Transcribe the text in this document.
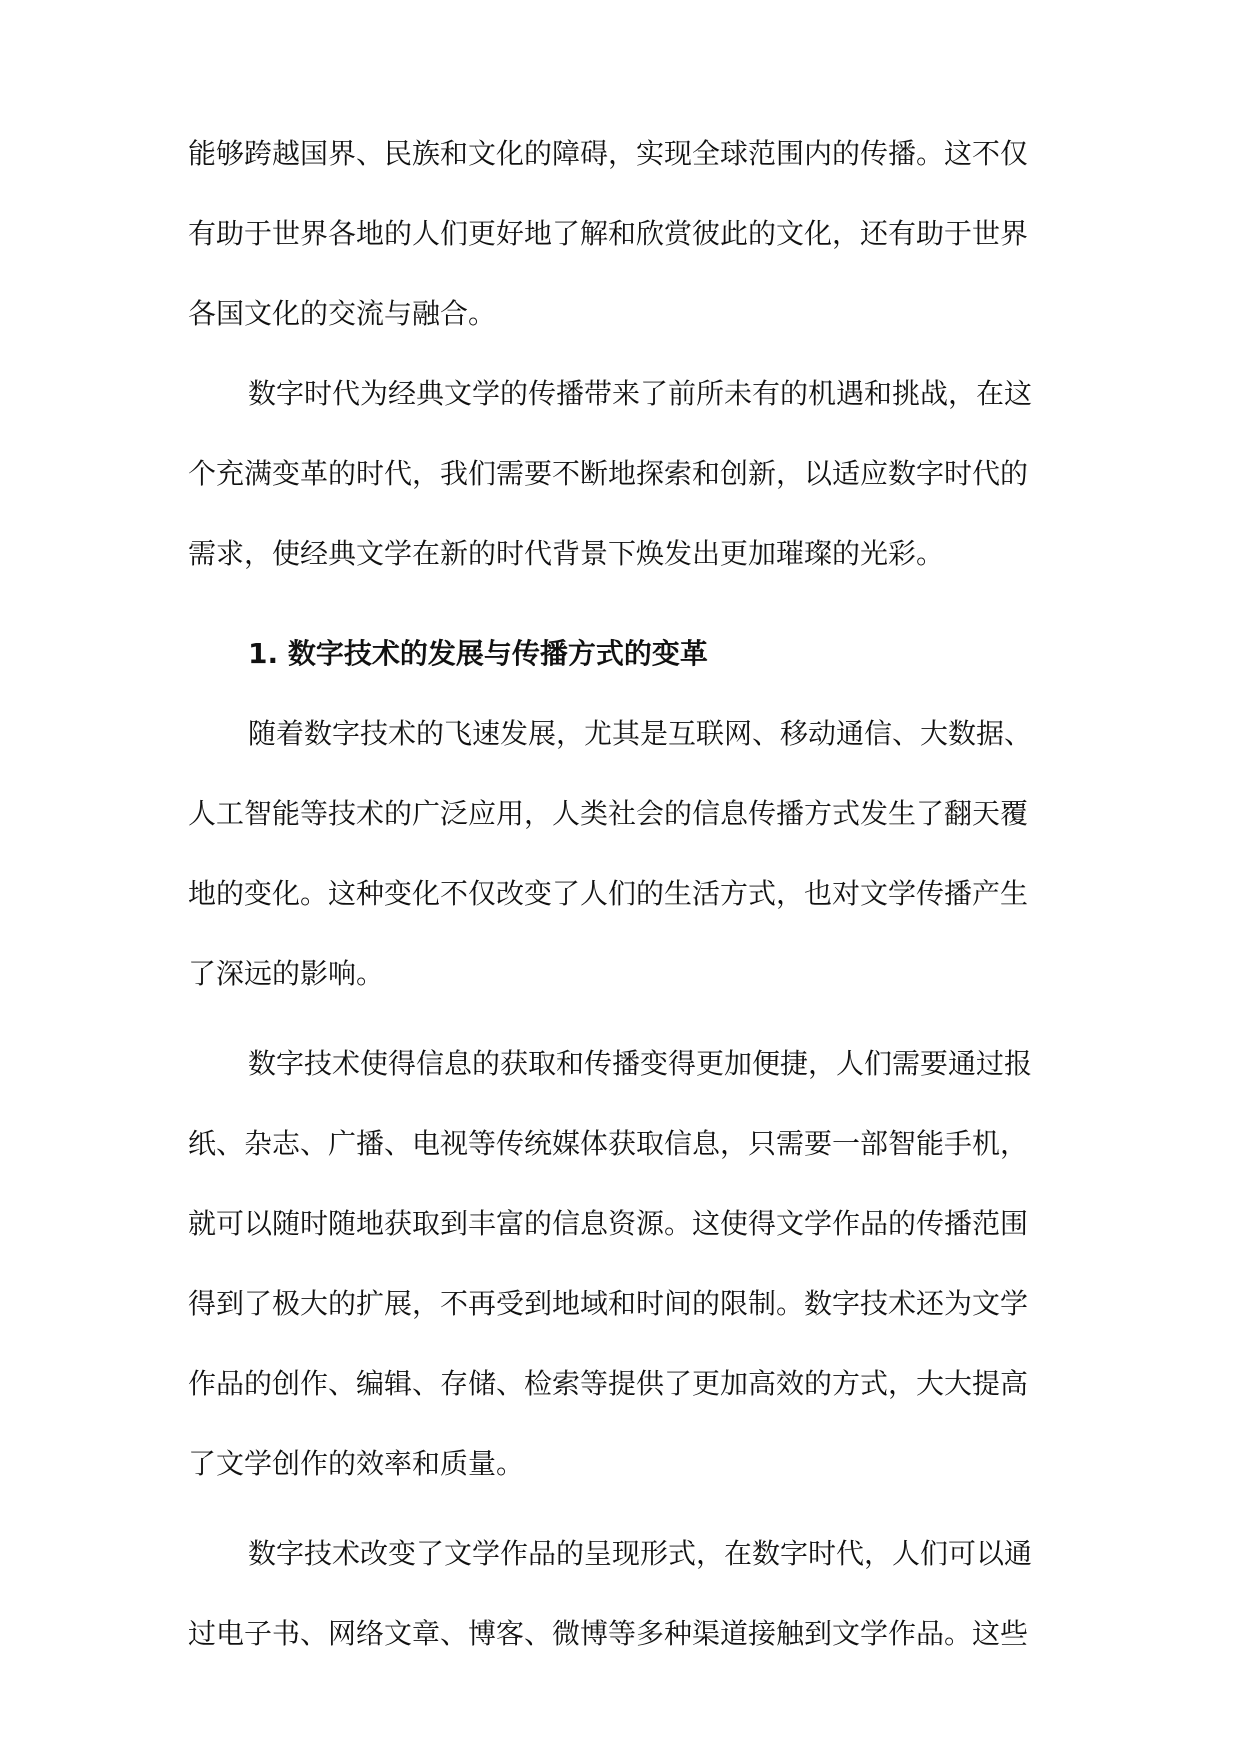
能够跨越国界、民族和文化的障碍，实现全球范围内的传播。这不仅
有助于世界各地的人们更好地了解和欣赏彼此的文化，还有助于世界
各国文化的交流与融合。
数字时代为经典文学的传播带来了前所未有的机遇和挑战，在这
个充满变革的时代，我们需要不断地探索和创新，以适应数字时代的
需求，使经典文学在新的时代背景下焕发出更加璀璨的光彩。
1. 数字技术的发展与传播方式的变革
随着数字技术的飞速发展，尤其是互联网、移动通信、大数据、
人工智能等技术的广泛应用，人类社会的信息传播方式发生了翻天覆
地的变化。这种变化不仅改变了人们的生活方式，也对文学传播产生
了深远的影响。
数字技术使得信息的获取和传播变得更加便捷，人们需要通过报
纸、杂志、广播、电视等传统媒体获取信息，只需要一部智能手机，
就可以随时随地获取到丰富的信息资源。这使得文学作品的传播范围
得到了极大的扩展，不再受到地域和时间的限制。数字技术还为文学
作品的创作、编辑、存储、检索等提供了更加高效的方式，大大提高
了文学创作的效率和质量。
数字技术改变了文学作品的呈现形式，在数字时代，人们可以通
过电子书、网络文章、博客、微博等多种渠道接触到文学作品。这些
